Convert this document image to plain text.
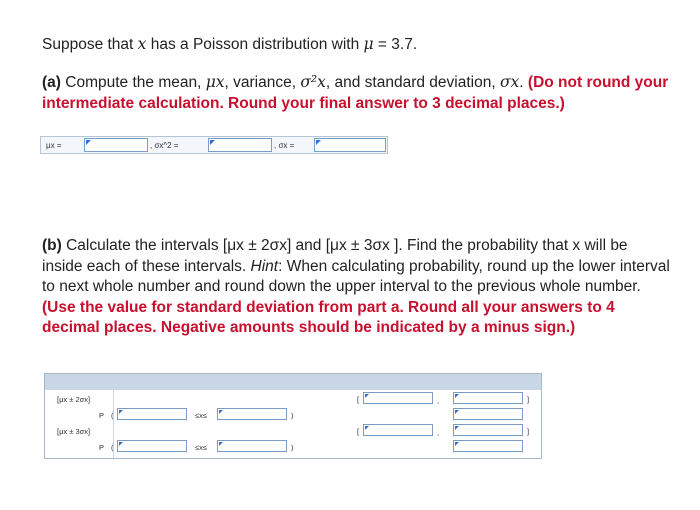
Suppose that x has a Poisson distribution with μ = 3.7.
(a) Compute the mean, μx, variance, σ²x, and standard deviation, σx. (Do not round your intermediate calculation. Round your final answer to 3 decimal places.)
μx =	, σx^2 =	, σx =
(b) Calculate the intervals [μx ± 2σx] and [μx ± 3σx ]. Find the probability that x will be inside each of these intervals. Hint: When calculating probability, round up the lower interval to next whole number and round down the upper interval to the previous whole number. (Use the value for standard deviation from part a. Round all your answers to 4 decimal places. Negative amounts should be indicated by a minus sign.)
[μx ± 2σx]	[	,	]
P (	≤x≤	)
[μx ± 3σx]	[	,	]
P (	≤x≤	)
